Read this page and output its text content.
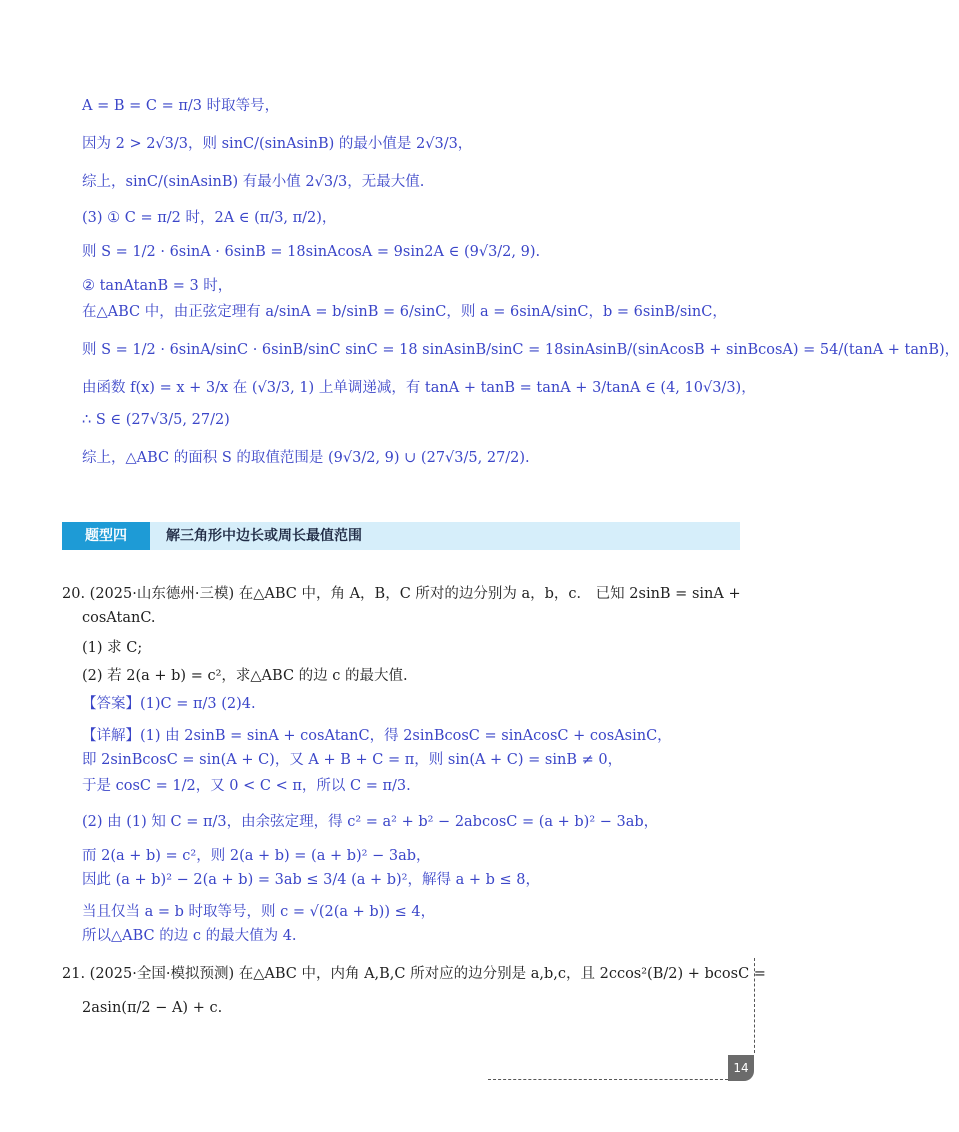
A = B = C = π/3 时取等号，
因为 2 > 2√3/3，则 sinC/(sinAsinB) 的最小值是 2√3/3，
综上，sinC/(sinAsinB) 有最小值 2√3/3，无最大值.
(3) ① C = π/2 时，2A ∈ (π/3, π/2)，
则 S = 1/2 · 6sinA · 6sinB = 18sinAcosA = 9sin2A ∈ (9√3/2, 9).
② tanAtanB = 3 时，
在△ABC 中，由正弦定理有 a/sinA = b/sinB = 6/sinC，则 a = 6sinA/sinC，b = 6sinB/sinC，
则 S = 1/2 · 6sinA/sinC · 6sinB/sinC sinC = 18 sinAsinB/sinC = 18sinAsinB/(sinAcosB + sinBcosA) = 54/(tanA + tanB)，
由函数 f(x) = x + 3/x 在 (√3/3, 1) 上单调递减，有 tanA + tanB = tanA + 3/tanA ∈ (4, 10√3/3)，
∴ S ∈ (27√3/5, 27/2)
综上，△ABC 的面积 S 的取值范围是 (9√3/2, 9) ∪ (27√3/5, 27/2).
题型四	解三角形中边长或周长最值范围
20. (2025·山东德州·三模) 在△ABC 中，角 A，B，C 所对的边分别为 a，b，c． 已知 2sinB = sinA +
cosAtanC.
(1) 求 C;
(2) 若 2(a + b) = c²，求△ABC 的边 c 的最大值.
【答案】(1)C = π/3 (2)4.
【详解】(1) 由 2sinB = sinA + cosAtanC，得 2sinBcosC = sinAcosC + cosAsinC，
即 2sinBcosC = sin(A + C)，又 A + B + C = π，则 sin(A + C) = sinB ≠ 0，
于是 cosC = 1/2，又 0 < C < π，所以 C = π/3.
(2) 由 (1) 知 C = π/3，由余弦定理，得 c² = a² + b² − 2abcosC = (a + b)² − 3ab，
而 2(a + b) = c²，则 2(a + b) = (a + b)² − 3ab，
因此 (a + b)² − 2(a + b) = 3ab ≤ 3/4 (a + b)²，解得 a + b ≤ 8，
当且仅当 a = b 时取等号，则 c = √(2(a + b)) ≤ 4，
所以△ABC 的边 c 的最大值为 4.
21. (2025·全国·模拟预测) 在△ABC 中，内角 A,B,C 所对应的边分别是 a,b,c，且 2ccos²(B/2) + bcosC =
2asin(π/2 − A) + c.
14
